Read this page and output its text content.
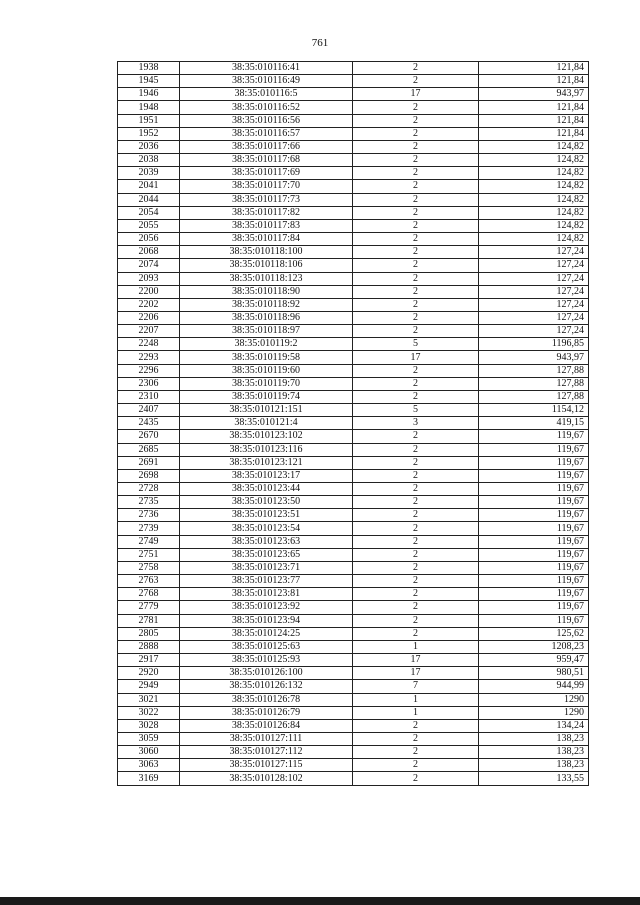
761
1938	38:35:010116:41	2	121,84
1945	38:35:010116:49	2	121,84
1946	38:35:010116:5	17	943,97
1948	38:35:010116:52	2	121,84
1951	38:35:010116:56	2	121,84
1952	38:35:010116:57	2	121,84
2036	38:35:010117:66	2	124,82
2038	38:35:010117:68	2	124,82
2039	38:35:010117:69	2	124,82
2041	38:35:010117:70	2	124,82
2044	38:35:010117:73	2	124,82
2054	38:35:010117:82	2	124,82
2055	38:35:010117:83	2	124,82
2056	38:35:010117:84	2	124,82
2068	38:35:010118:100	2	127,24
2074	38:35:010118:106	2	127,24
2093	38:35:010118:123	2	127,24
2200	38:35:010118:90	2	127,24
2202	38:35:010118:92	2	127,24
2206	38:35:010118:96	2	127,24
2207	38:35:010118:97	2	127,24
2248	38:35:010119:2	5	1196,85
2293	38:35:010119:58	17	943,97
2296	38:35:010119:60	2	127,88
2306	38:35:010119:70	2	127,88
2310	38:35:010119:74	2	127,88
2407	38:35:010121:151	5	1154,12
2435	38:35:010121:4	3	419,15
2670	38:35:010123:102	2	119,67
2685	38:35:010123:116	2	119,67
2691	38:35:010123:121	2	119,67
2698	38:35:010123:17	2	119,67
2728	38:35:010123:44	2	119,67
2735	38:35:010123:50	2	119,67
2736	38:35:010123:51	2	119,67
2739	38:35:010123:54	2	119,67
2749	38:35:010123:63	2	119,67
2751	38:35:010123:65	2	119,67
2758	38:35:010123:71	2	119,67
2763	38:35:010123:77	2	119,67
2768	38:35:010123:81	2	119,67
2779	38:35:010123:92	2	119,67
2781	38:35:010123:94	2	119,67
2805	38:35:010124:25	2	125,62
2888	38:35:010125:63	1	1208,23
2917	38:35:010125:93	17	959,47
2920	38:35:010126:100	17	980,51
2949	38:35:010126:132	7	944,99
3021	38:35:010126:78	1	1290
3022	38:35:010126:79	1	1290
3028	38:35:010126:84	2	134,24
3059	38:35:010127:111	2	138,23
3060	38:35:010127:112	2	138,23
3063	38:35:010127:115	2	138,23
3169	38:35:010128:102	2	133,55
